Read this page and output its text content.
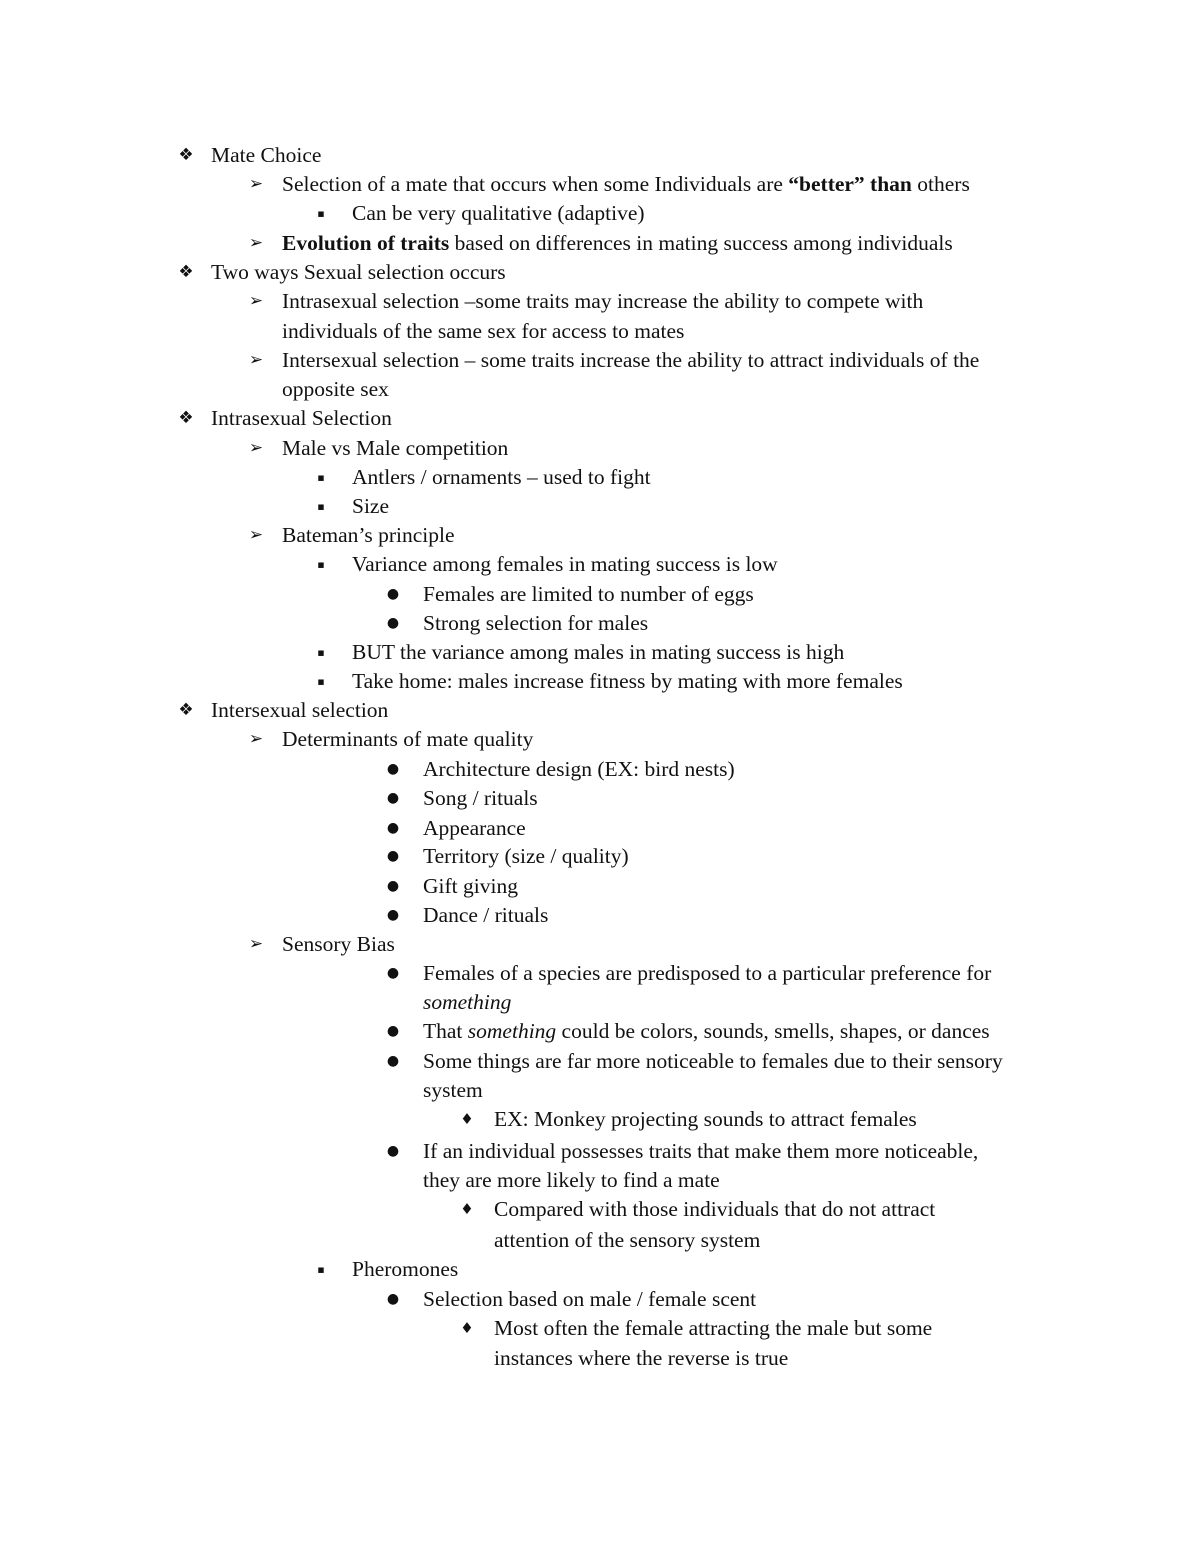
❖ Mate Choice
➢ Selection of a mate that occurs when some Individuals are “better” than others
▪	Can be very qualitative (adaptive)
➢ Evolution of traits based on differences in mating success among individuals
❖ Two ways Sexual selection occurs
➢ Intrasexual selection –some traits may increase the ability to compete with
individuals of the same sex for access to mates
➢ Intersexual selection – some traits increase the ability to attract individuals of the
opposite sex
❖ Intrasexual Selection
➢ Male vs Male competition
▪	Antlers / ornaments – used to fight
▪	Size
➢ Bateman’s principle
▪	Variance among females in mating success is low
● Females are limited to number of eggs
● Strong selection for males
▪	BUT the variance among males in mating success is high
▪	Take home: males increase fitness by mating with more females
❖ Intersexual selection
➢ Determinants of mate quality
● Architecture design (EX: bird nests)
● Song / rituals
● Appearance
● Territory (size / quality)
● Gift giving
● Dance / rituals
➢ Sensory Bias
● Females of a species are predisposed to a particular preference for
something
● That something could be colors, sounds, smells, shapes, or dances
● Some things are far more noticeable to females due to their sensory
system
♦ EX: Monkey projecting sounds to attract females
● If an individual possesses traits that make them more noticeable,
they are more likely to find a mate
♦ Compared with those individuals that do not attract
attention of the sensory system
▪	Pheromones
● Selection based on male / female scent
♦ Most often the female attracting the male but some
instances where the reverse is true
